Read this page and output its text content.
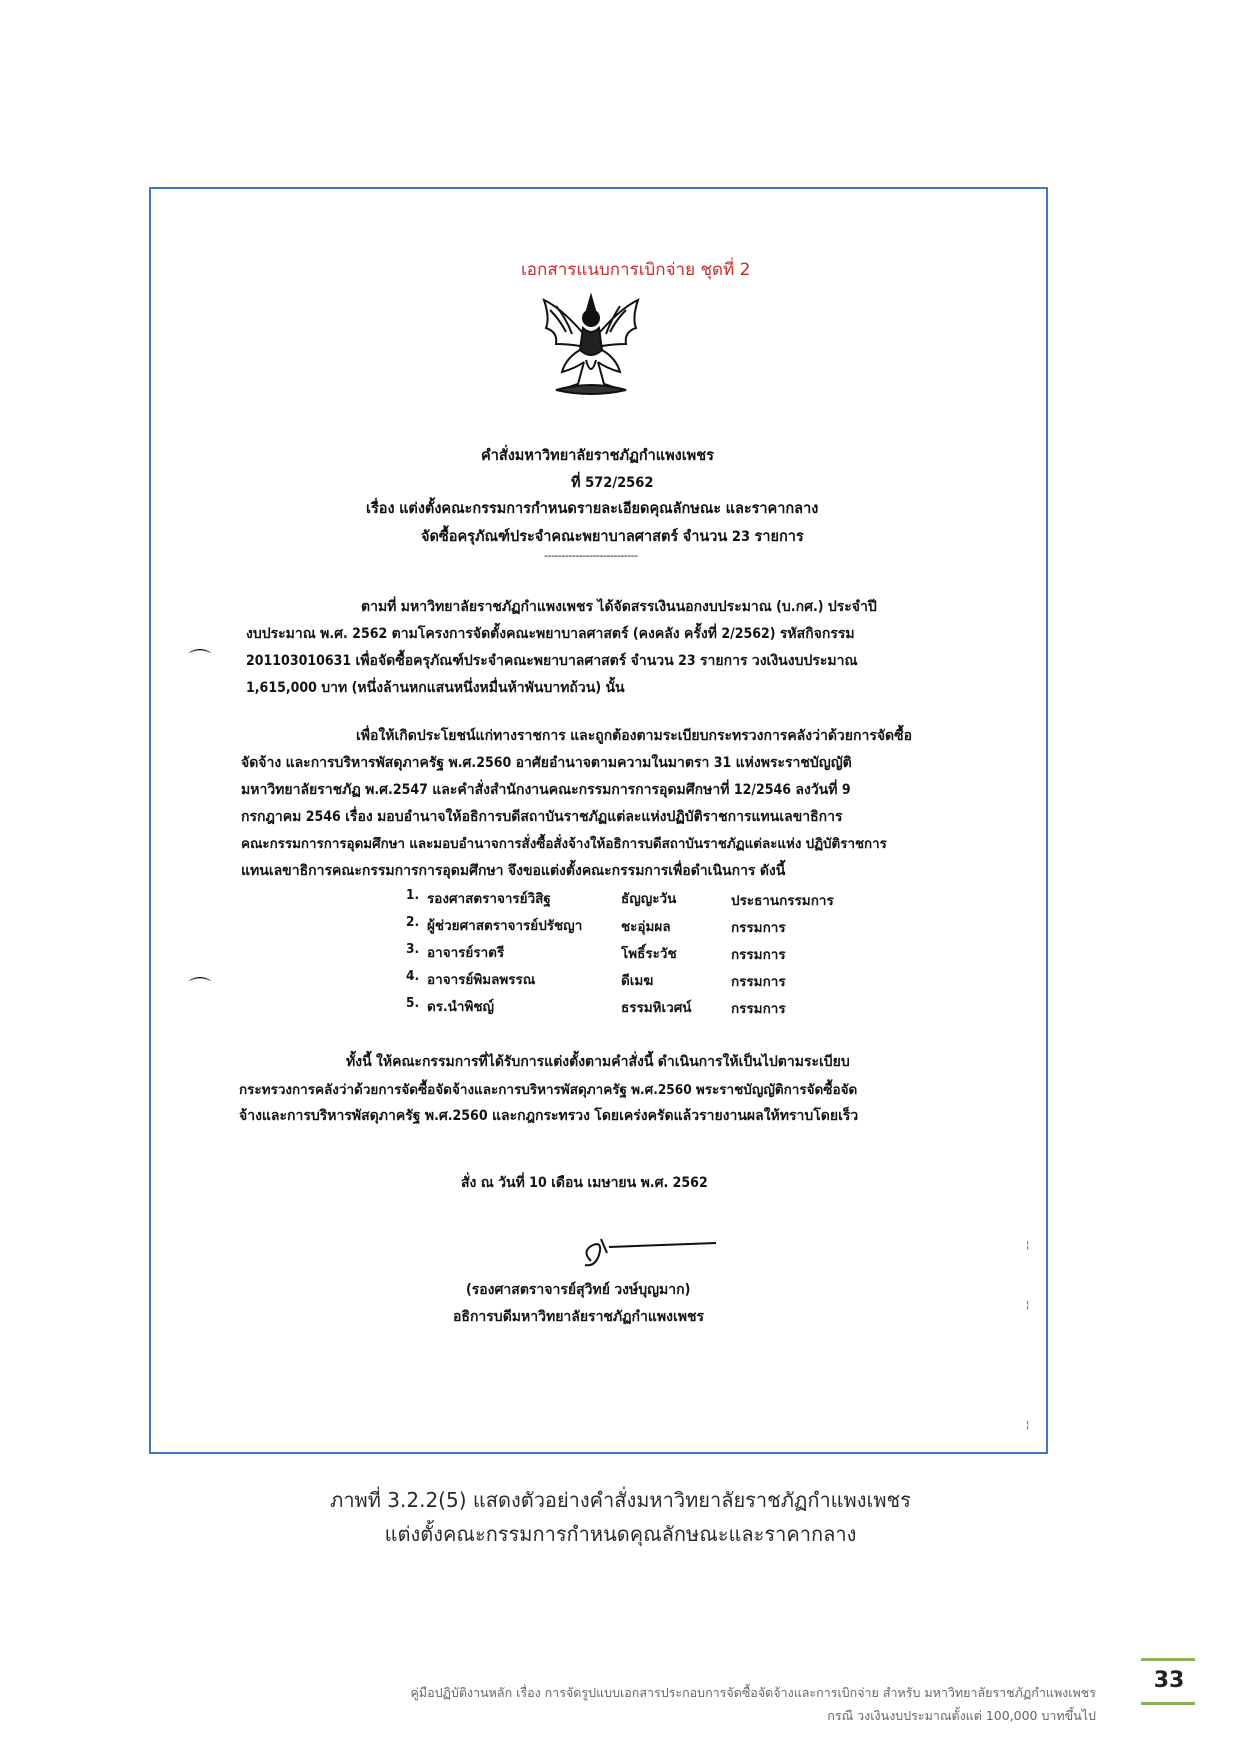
เอกสารแนบการเบิกจ่าย ชุดที่ 2
คำสั่งมหาวิทยาลัยราชภัฏกำแพงเพชร
ที่ 572/2562
เรื่อง แต่งตั้งคณะกรรมการกำหนดรายละเอียดคุณลักษณะ และราคากลาง
จัดซื้อครุภัณฑ์ประจำคณะพยาบาลศาสตร์ จำนวน 23 รายการ
---------------------------
ตามที่ มหาวิทยาลัยราชภัฏกำแพงเพชร ได้จัดสรรเงินนอกงบประมาณ (บ.กศ.) ประจำปี
งบประมาณ พ.ศ. 2562 ตามโครงการจัดตั้งคณะพยาบาลศาสตร์ (คงคลัง ครั้งที่ 2/2562) รหัสกิจกรรม
201103010631 เพื่อจัดซื้อครุภัณฑ์ประจำคณะพยาบาลศาสตร์ จำนวน 23 รายการ วงเงินงบประมาณ
1,615,000 บาท (หนึ่งล้านหกแสนหนึ่งหมื่นห้าพันบาทถ้วน) นั้น
เพื่อให้เกิดประโยชน์แก่ทางราชการ และถูกต้องตามระเบียบกระทรวงการคลังว่าด้วยการจัดซื้อ
จัดจ้าง และการบริหารพัสดุภาครัฐ พ.ศ.2560 อาศัยอำนาจตามความในมาตรา 31 แห่งพระราชบัญญัติ
มหาวิทยาลัยราชภัฏ พ.ศ.2547 และคำสั่งสำนักงานคณะกรรมการการอุดมศึกษาที่ 12/2546 ลงวันที่ 9
กรกฎาคม 2546 เรื่อง มอบอำนาจให้อธิการบดีสถาบันราชภัฏแต่ละแห่งปฏิบัติราชการแทนเลขาธิการ
คณะกรรมการการอุดมศึกษา และมอบอำนาจการสั่งซื้อสั่งจ้างให้อธิการบดีสถาบันราชภัฏแต่ละแห่ง ปฏิบัติราชการ
แทนเลขาธิการคณะกรรมการการอุดมศึกษา จึงขอแต่งตั้งคณะกรรมการเพื่อดำเนินการ ดังนี้
1. รองศาสตราจารย์วิสิฐ	ธัญญะวัน	ประธานกรรมการ
2. ผู้ช่วยศาสตราจารย์ปรัชญา	ชะอุ่มผล	กรรมการ
3. อาจารย์ราตรี	โพธิ์ระวัช	กรรมการ
4. อาจารย์พิมลพรรณ	ดีเมฆ	กรรมการ
5. ดร.นำพิชญ์	ธรรมหิเวศน์	กรรมการ
ทั้งนี้ ให้คณะกรรมการที่ได้รับการแต่งตั้งตามคำสั่งนี้ ดำเนินการให้เป็นไปตามระเบียบ
กระทรวงการคลังว่าด้วยการจัดซื้อจัดจ้างและการบริหารพัสดุภาครัฐ พ.ศ.2560 พระราชบัญญัติการจัดซื้อจัด
จ้างและการบริหารพัสดุภาครัฐ พ.ศ.2560 และกฎกระทรวง โดยเคร่งครัดแล้วรายงานผลให้ทราบโดยเร็ว
สั่ง ณ วันที่ 10 เดือน เมษายน พ.ศ. 2562
(รองศาสตราจารย์สุวิทย์ วงษ์บุญมาก)
อธิการบดีมหาวิทยาลัยราชภัฏกำแพงเพชร
⌒
⌒
¦
¦
¦
ภาพที่ 3.2.2(5) แสดงตัวอย่างคำสั่งมหาวิทยาลัยราชภัฏกำแพงเพชร
แต่งตั้งคณะกรรมการกำหนดคุณลักษณะและราคากลาง
33
คู่มือปฏิบัติงานหลัก เรื่อง การจัดรูปแบบเอกสารประกอบการจัดซื้อจัดจ้างและการเบิกจ่าย สำหรับ มหาวิทยาลัยราชภัฏกำแพงเพชร
กรณี วงเงินงบประมาณตั้งแต่ 100,000 บาทขึ้นไป
